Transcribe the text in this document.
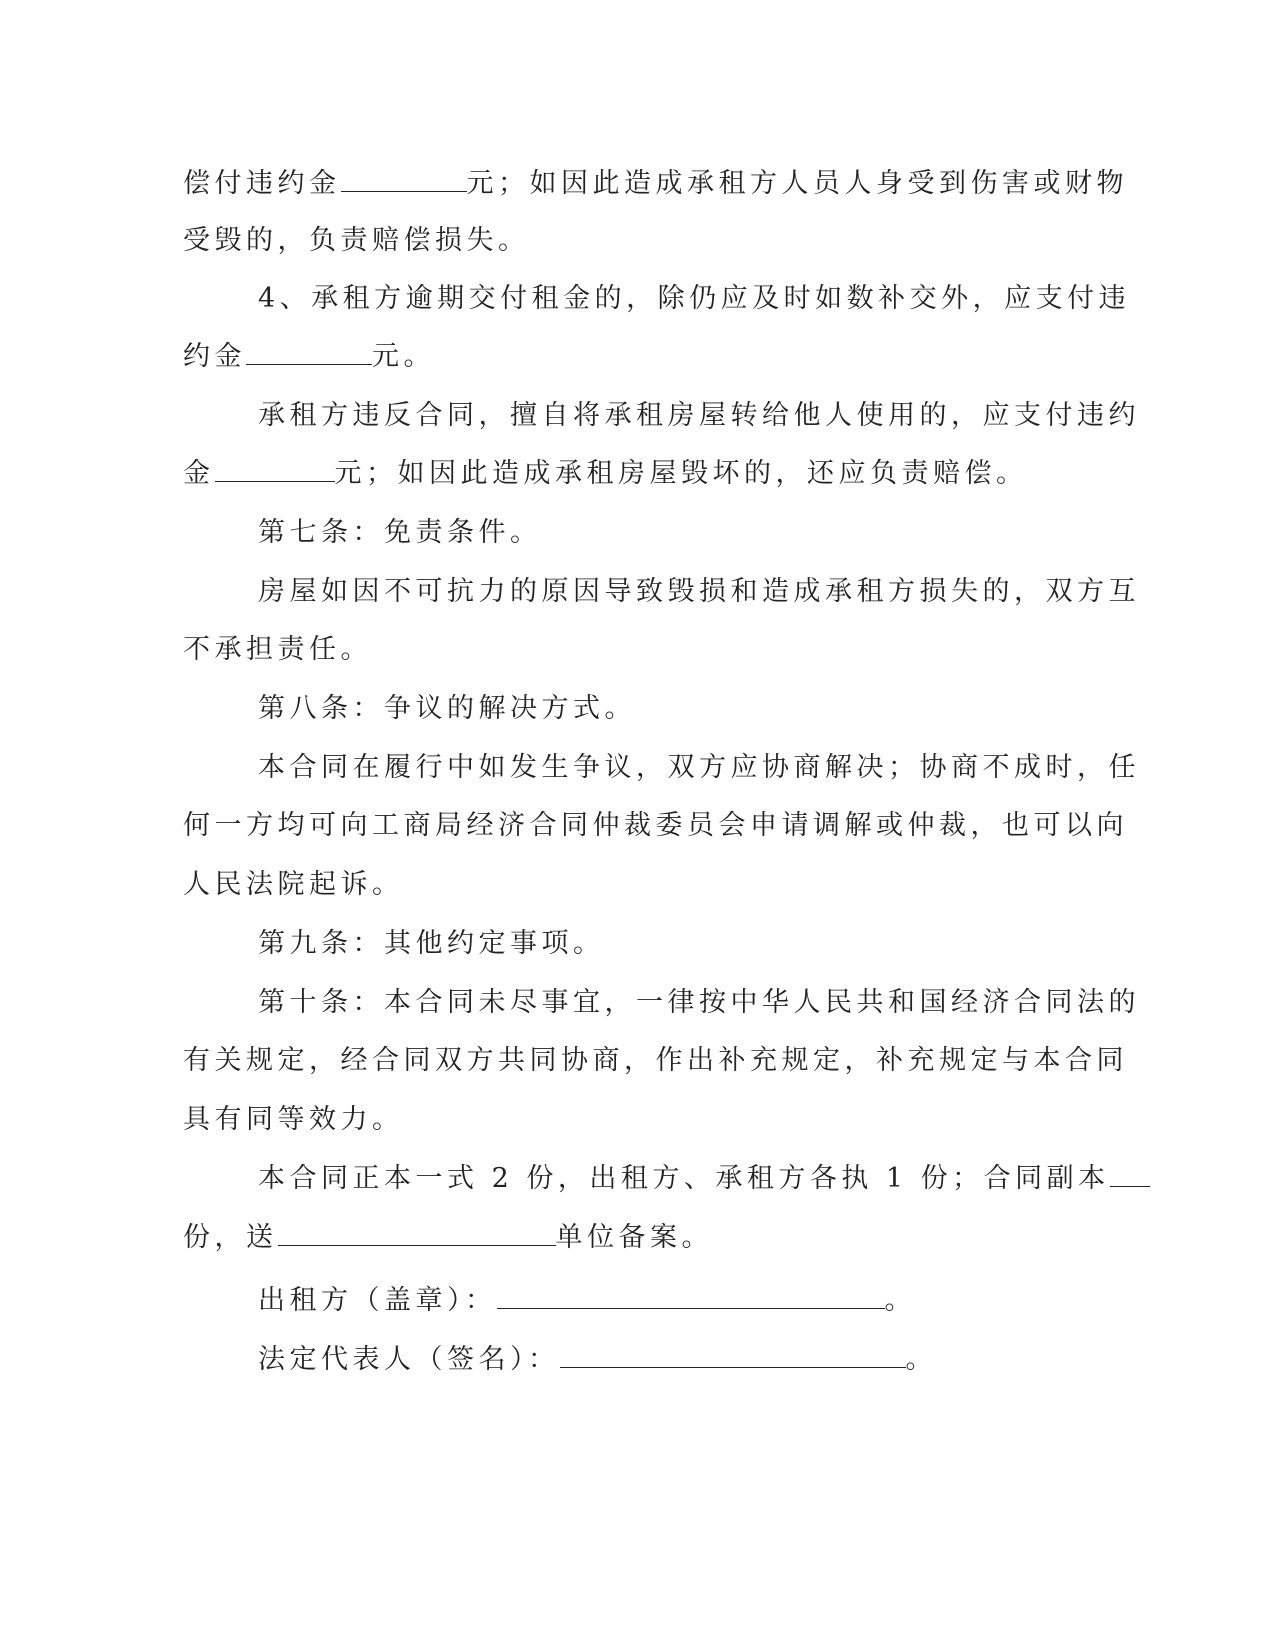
偿付违约金	元；如因此造成承租方人员人身受到伤害或财物
受毁的，负责赔偿损失。
4、承租方逾期交付租金的，除仍应及时如数补交外，应支付违
约金	元。
承租方违反合同，擅自将承租房屋转给他人使用的，应支付违约
金	元；如因此造成承租房屋毁坏的，还应负责赔偿。
第七条：免责条件。
房屋如因不可抗力的原因导致毁损和造成承租方损失的，双方互
不承担责任。
第八条：争议的解决方式。
本合同在履行中如发生争议，双方应协商解决；协商不成时，任
何一方均可向工商局经济合同仲裁委员会申请调解或仲裁，也可以向
人民法院起诉。
第九条：其他约定事项。
第十条：本合同未尽事宜，一律按中华人民共和国经济合同法的
有关规定，经合同双方共同协商，作出补充规定，补充规定与本合同
具有同等效力。
本合同正本一式 2 份，出租方、承租方各执 1 份；合同副本
份，送	单位备案。
出租方（盖章）：	。
法定代表人（签名）：	。
